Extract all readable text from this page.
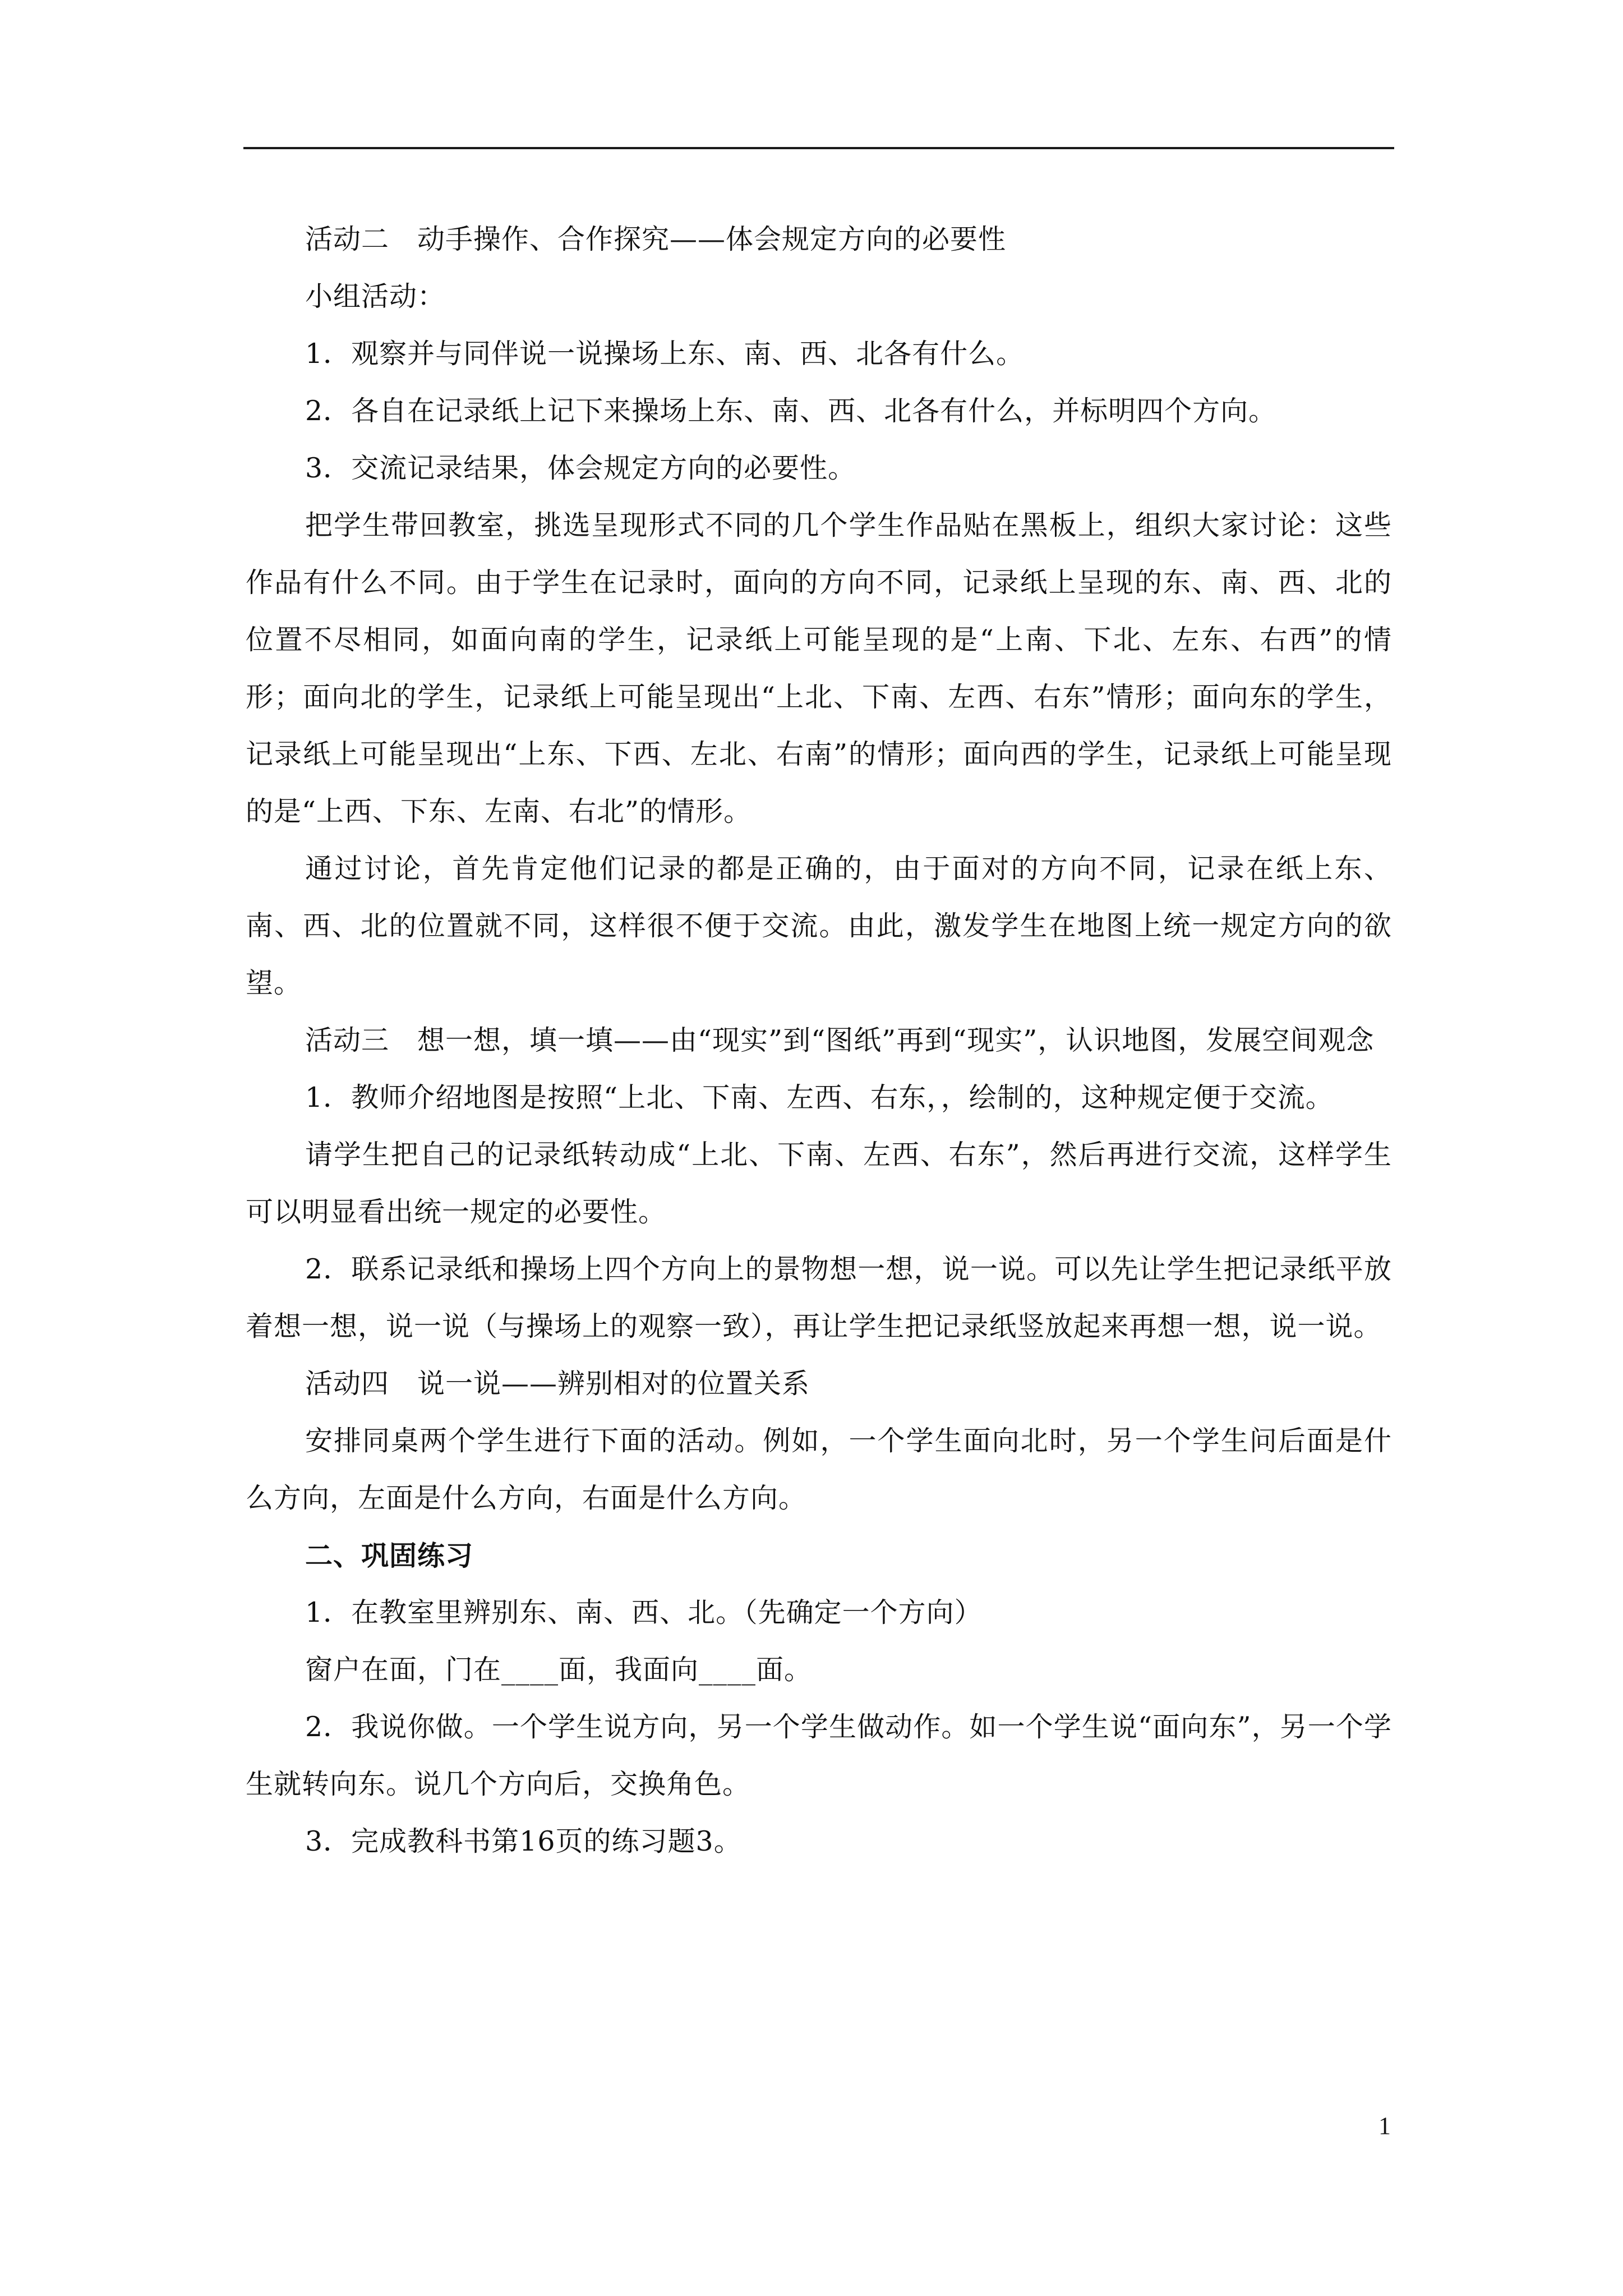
活动二　动手操作、合作探究——体会规定方向的必要性

小组活动：

1．观察并与同伴说一说操场上东、南、西、北各有什么。

2．各自在记录纸上记下来操场上东、南、西、北各有什么，并标明四个方向。

3．交流记录结果，体会规定方向的必要性。

把学生带回教室，挑选呈现形式不同的几个学生作品贴在黑板上，组织大家讨论：这些作品有什么不同。由于学生在记录时，面向的方向不同，记录纸上呈现的东、南、西、北的位置不尽相同，如面向南的学生，记录纸上可能呈现的是“上南、下北、左东、右西”的情形；面向北的学生，记录纸上可能呈现出“上北、下南、左西、右东”情形；面向东的学生，记录纸上可能呈现出“上东、下西、左北、右南”的情形；面向西的学生，记录纸上可能呈现的是“上西、下东、左南、右北”的情形。

通过讨论，首先肯定他们记录的都是正确的，由于面对的方向不同，记录在纸上东、南、西、北的位置就不同，这样很不便于交流。由此，激发学生在地图上统一规定方向的欲望。

活动三　想一想，填一填——由“现实”到“图纸”再到“现实”，认识地图，发展空间观念

1．教师介绍地图是按照“上北、下南、左西、右东，，绘制的，这种规定便于交流。

请学生把自己的记录纸转动成“上北、下南、左西、右东”，然后再进行交流，这样学生可以明显看出统一规定的必要性。

2．联系记录纸和操场上四个方向上的景物想一想，说一说。可以先让学生把记录纸平放着想一想，说一说（与操场上的观察一致），再让学生把记录纸竖放起来再想一想，说一说。

活动四　说一说——辨别相对的位置关系

安排同桌两个学生进行下面的活动。例如，一个学生面向北时，另一个学生问后面是什么方向，左面是什么方向，右面是什么方向。

二、巩固练习

1．在教室里辨别东、南、西、北。（先确定一个方向）

窗户在面，门在____面，我面向____面。

2．我说你做。一个学生说方向，另一个学生做动作。如一个学生说“面向东”，另一个学生就转向东。说几个方向后，交换角色。

3．完成教科书第16页的练习题3。

1
